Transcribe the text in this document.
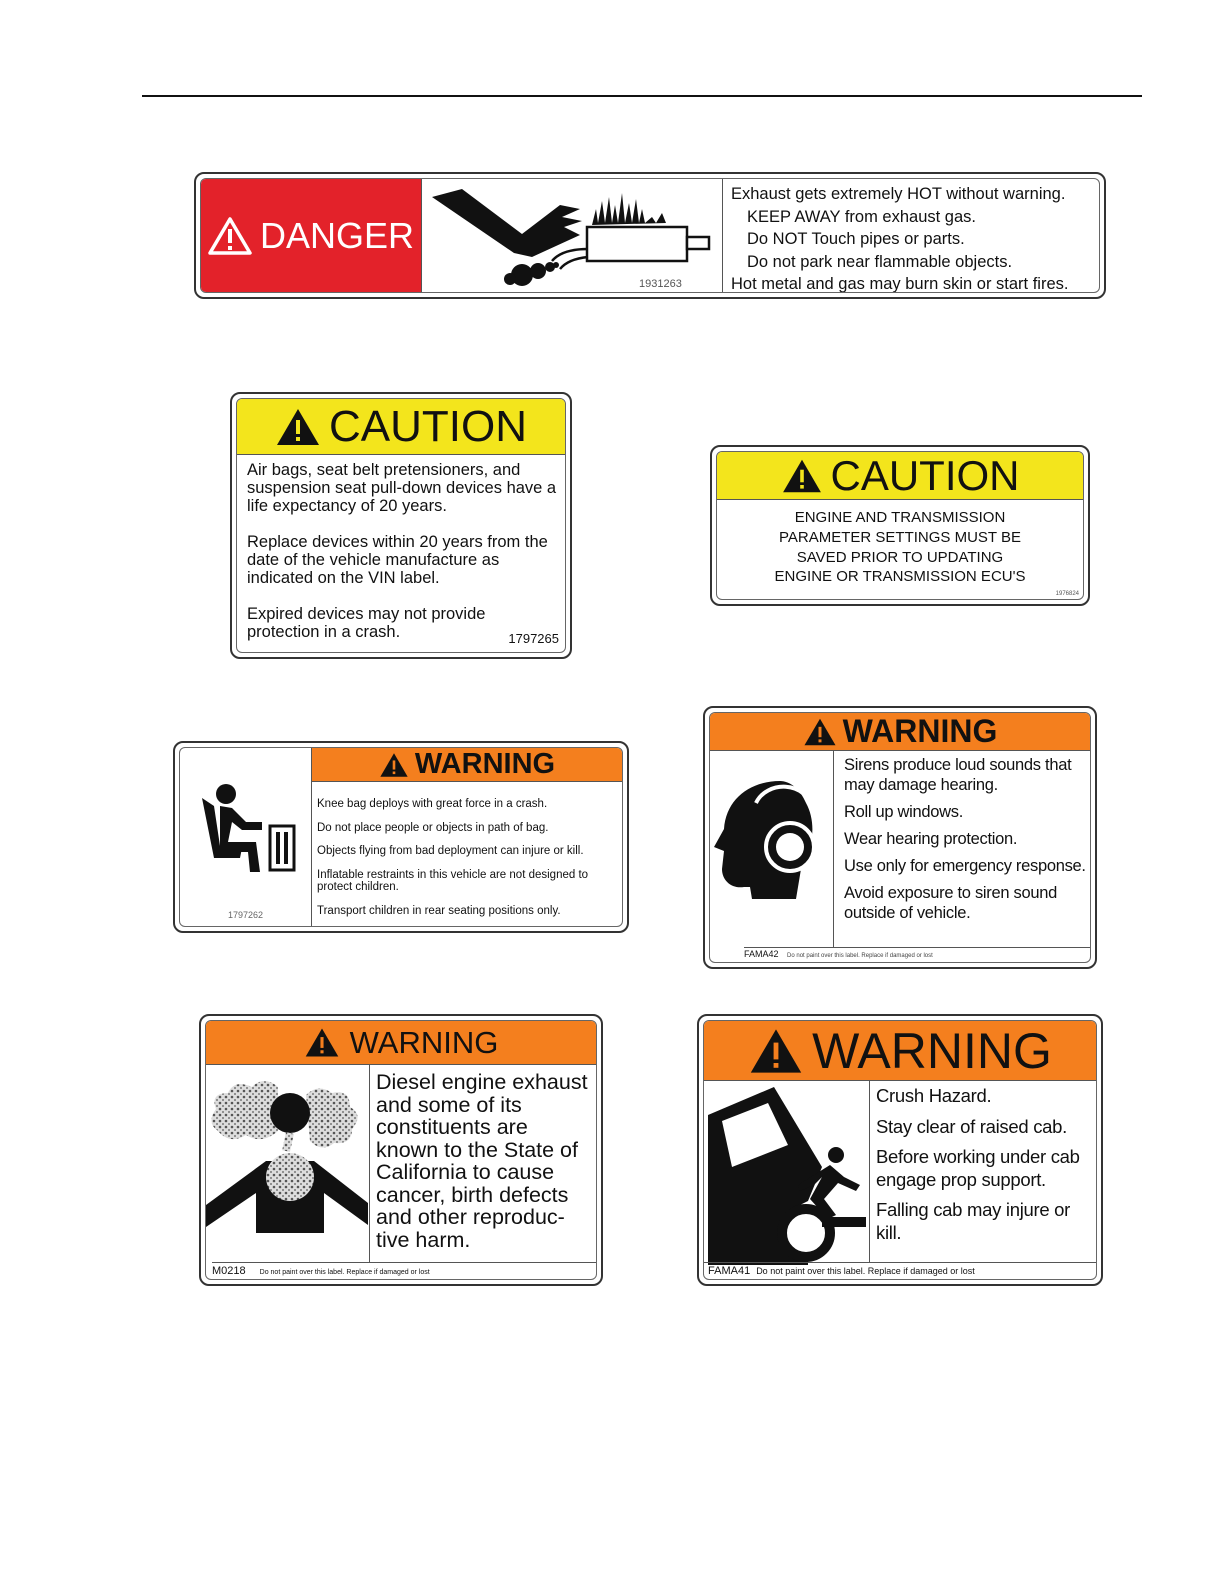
DANGER
1931263
Exhaust gets extremely HOT without warning.
KEEP AWAY from exhaust gas.
Do NOT Touch pipes or parts.
Do not park near flammable objects.
Hot metal and gas may burn skin or start fires.
CAUTION

Air bags, seat belt pretensioners, and suspension seat pull-down devices have a life expectancy of 20 years.

Replace devices within 20 years from the date of the vehicle manufacture as indicated on the VIN label.

Expired devices may not provide protection in a crash.	1797265
CAUTION
ENGINE AND TRANSMISSION
PARAMETER SETTINGS MUST BE
SAVED PRIOR TO UPDATING
ENGINE OR TRANSMISSION ECU'S
1976824
1797262
WARNING

Knee bag deploys with great force in a crash.

Do not place people or objects in path of bag.

Objects flying from bad deployment can injure or kill.

Inflatable restraints in this vehicle are not designed to protect children.

Transport children in rear seating positions only.

WARNING

Sirens produce loud sounds that may damage hearing.

Roll up windows.

Wear hearing protection.

Use only for emergency response.

Avoid exposure to siren sound outside of vehicle.

FAMA42 Do not paint over this label. Replace if damaged or lost
WARNING
Diesel engine exhaust and some of its constituents are known to the State of California to cause cancer, birth defects and other reproduc-tive harm.
M0218 Do not paint over this label. Replace if damaged or lost
WARNING

Crush Hazard.

Stay clear of raised cab.

Before working under cab engage prop support.

Falling cab may injure or kill.

FAMA41 Do not paint over this label. Replace if damaged or lost
